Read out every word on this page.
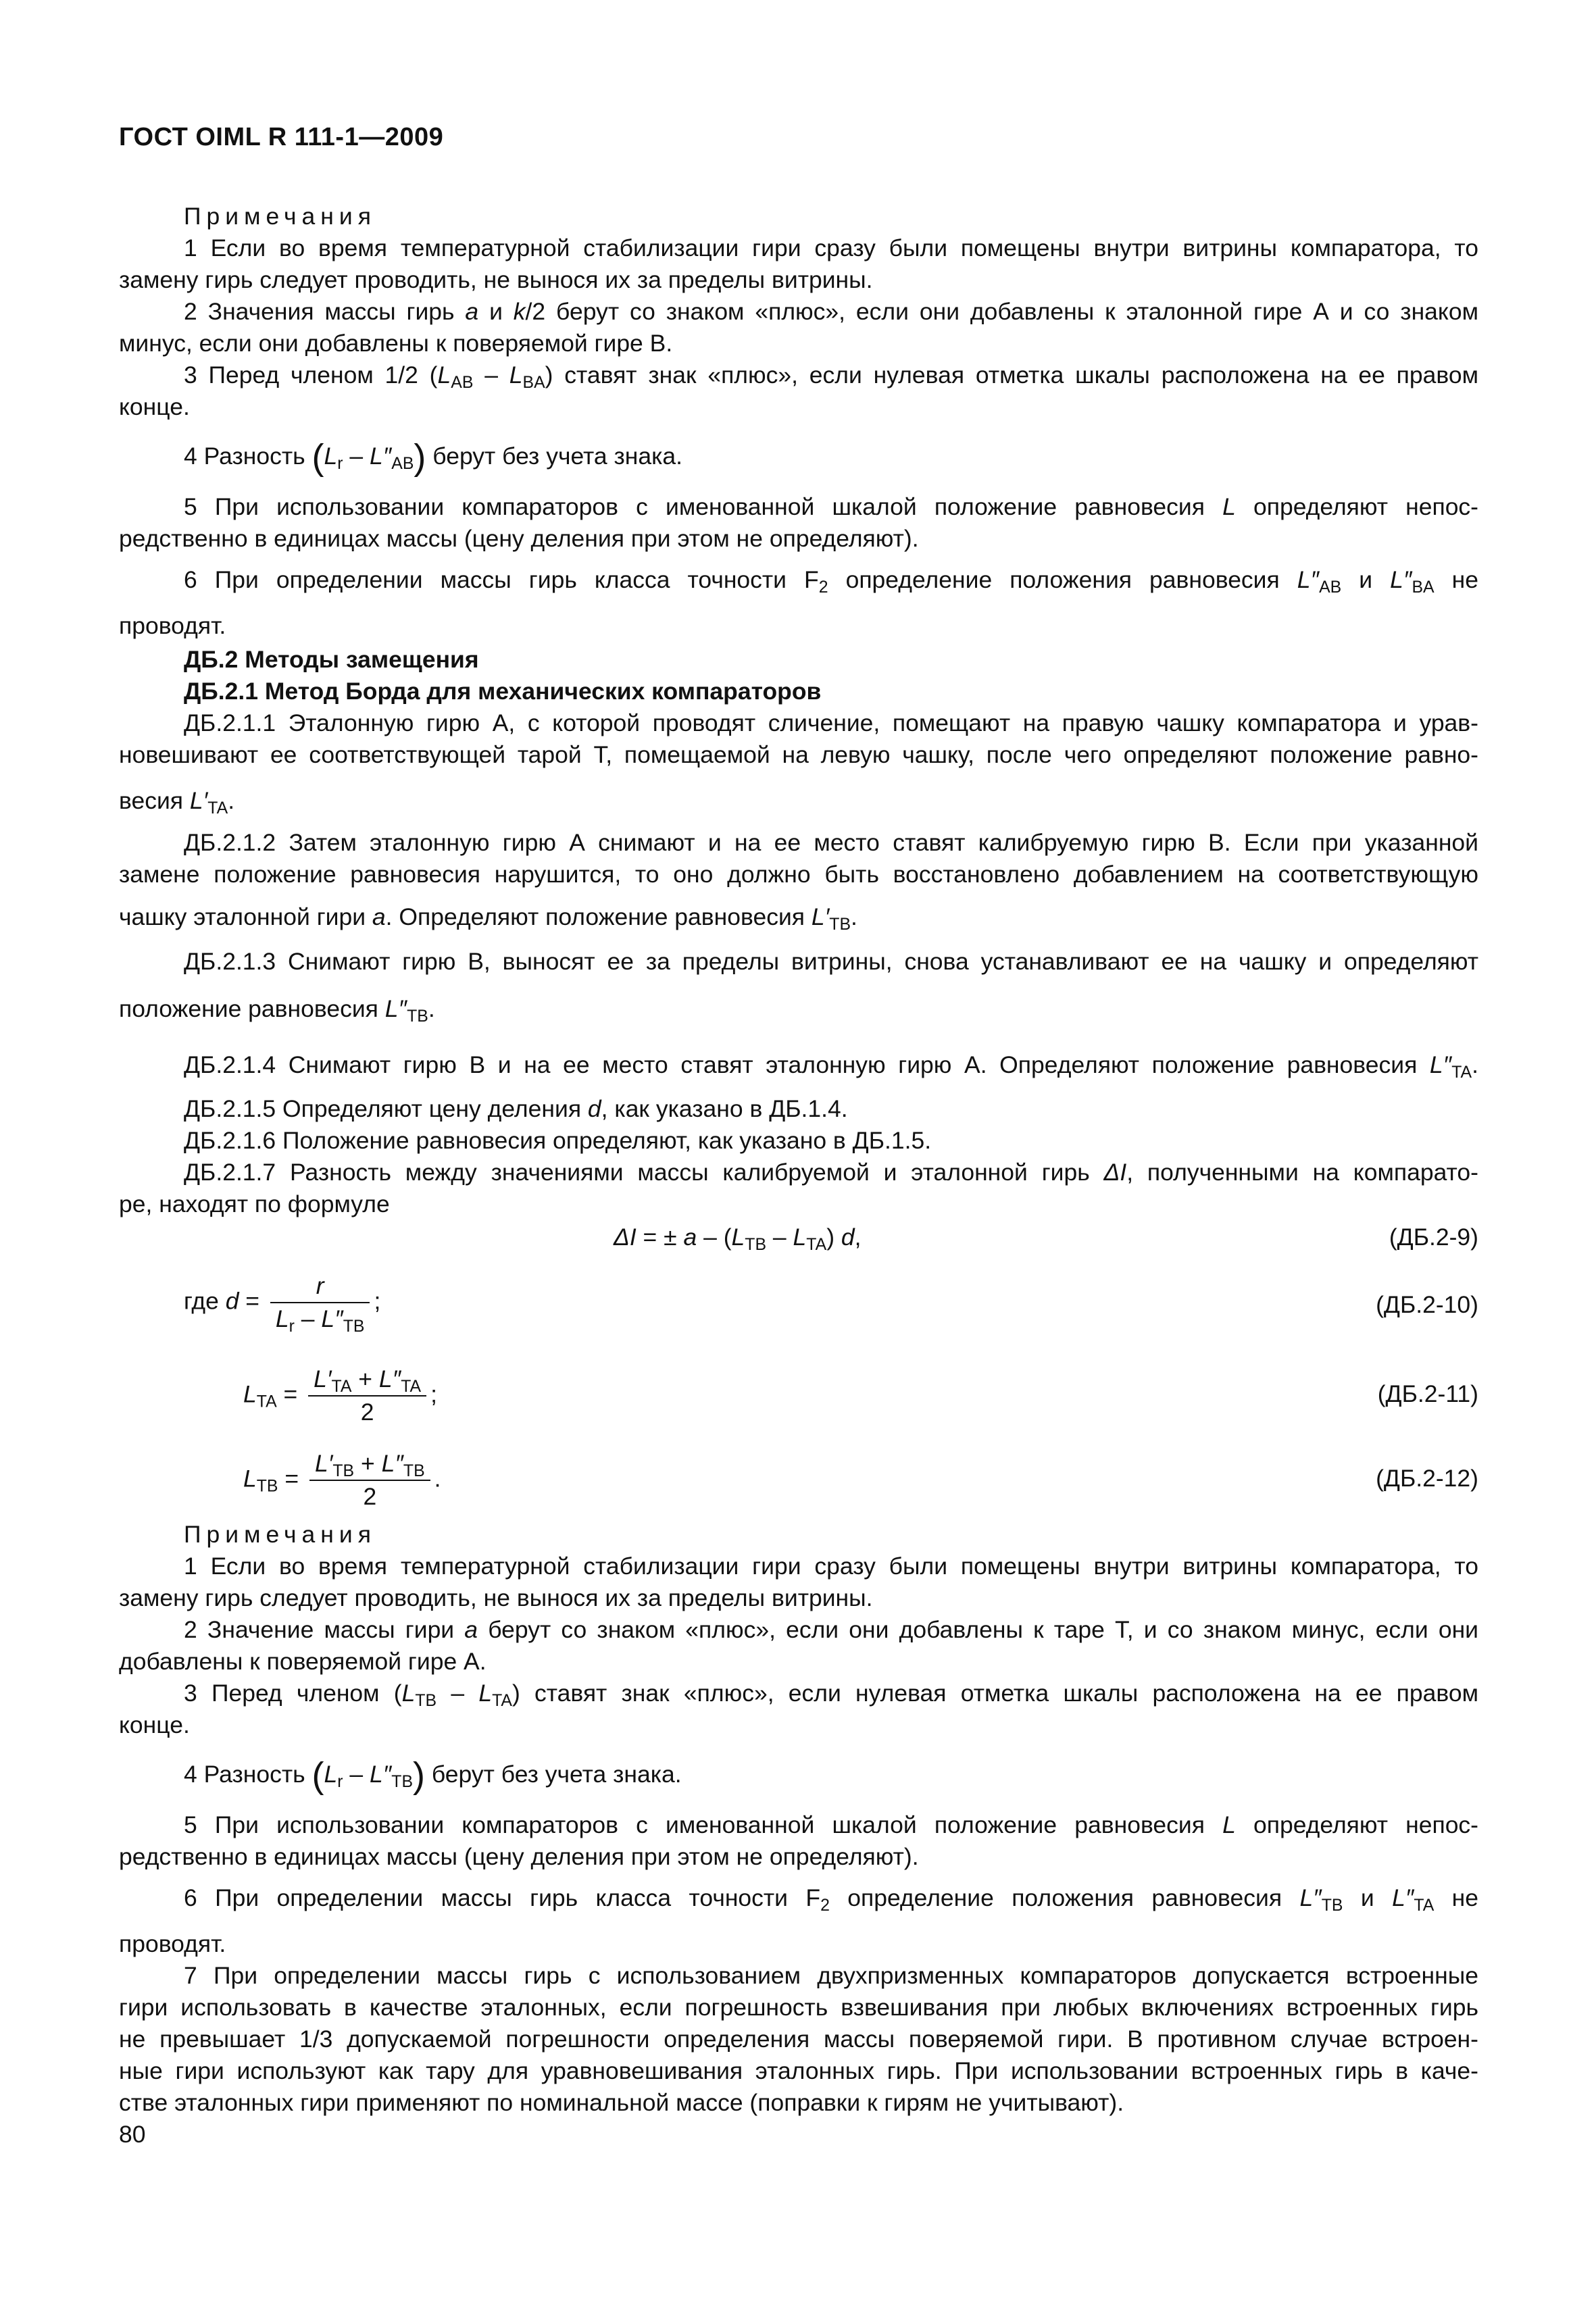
ГОСТ OIML R 111-1—2009
Примечания
1 Если во время температурной стабилизации гири сразу были помещены внутри витрины компаратора, то
замену гирь следует проводить, не вынося их за пределы витрины.
2 Значения массы гирь a и k/2 берут со знаком «плюс», если они добавлены к эталонной гире А и со знаком
минус, если они добавлены к поверяемой гире В.
3 Перед членом 1/2 $(L_{AB} - L_{BA})$ ставят знак «плюс», если нулевая отметка шкалы расположена на ее правом
конце.
4 Разность $(L_r - L''_{AB})$ берут без учета знака.
5 При использовании компараторов с именованной шкалой положение равновесия L определяют непос-
редственно в единицах массы (цену деления при этом не определяют).
6 При определении массы гирь класса точности $F_2$ определение положения равновесия $L''_{AB}$ и $L''_{BA}$ не
проводят.
ДБ.2 Методы замещения
ДБ.2.1 Метод Борда для механических компараторов
ДБ.2.1.1 Эталонную гирю А, с которой проводят сличение, помещают на правую чашку компаратора и урав-
новешивают ее соответствующей тарой Т, помещаемой на левую чашку, после чего определяют положение равно-
весия $L'_{TA}$.
ДБ.2.1.2 Затем эталонную гирю А снимают и на ее место ставят калибруемую гирю В. Если при указанной
замене положение равновесия нарушится, то оно должно быть восстановлено добавлением на соответствующую
чашку эталонной гири a. Определяют положение равновесия $L'_{TB}$.
ДБ.2.1.3 Снимают гирю В, выносят ее за пределы витрины, снова устанавливают ее на чашку и определяют
положение равновесия $L''_{TB}$.
ДБ.2.1.4 Снимают гирю В и на ее место ставят эталонную гирю А. Определяют положение равновесия $L''_{TA}$.
ДБ.2.1.5 Определяют цену деления d, как указано в ДБ.1.4.
ДБ.2.1.6 Положение равновесия определяют, как указано в ДБ.1.5.
ДБ.2.1.7 Разность между значениями массы калибруемой и эталонной гирь ΔI, полученными на компарато-
ре, находят по формуле
ΔI = ± a – $(L_{TB} - L_{TA})$ d,	(ДБ.2-9)
где $d = \frac{r}{L_r - L''_{TB}}$ ;	(ДБ.2-10)
$L_{TA} = \frac{L'_{TA} + L''_{TA}}{2}$ ;	(ДБ.2-11)
$L_{TB} = \frac{L'_{TB} + L''_{TB}}{2}$ .	(ДБ.2-12)
Примечания
1 Если во время температурной стабилизации гири сразу были помещены внутри витрины компаратора, то
замену гирь следует проводить, не вынося их за пределы витрины.
2 Значение массы гири a берут со знаком «плюс», если они добавлены к таре Т, и со знаком минус, если они
добавлены к поверяемой гире А.
3 Перед членом $(L_{TB} - L_{TA})$ ставят знак «плюс», если нулевая отметка шкалы расположена на ее правом
конце.
4 Разность $(L_r - L''_{TB})$ берут без учета знака.
5 При использовании компараторов с именованной шкалой положение равновесия L определяют непос-
редственно в единицах массы (цену деления при этом не определяют).
6 При определении массы гирь класса точности $F_2$ определение положения равновесия $L''_{TB}$ и $L''_{TA}$ не
проводят.
7 При определении массы гирь с использованием двухпризменных компараторов допускается встроенные
гири использовать в качестве эталонных, если погрешность взвешивания при любых включениях встроенных гирь
не превышает 1/3 допускаемой погрешности определения массы поверяемой гири. В противном случае встроен-
ные гири используют как тару для уравновешивания эталонных гирь. При использовании встроенных гирь в каче-
стве эталонных гири применяют по номинальной массе (поправки к гирям не учитывают).
80
